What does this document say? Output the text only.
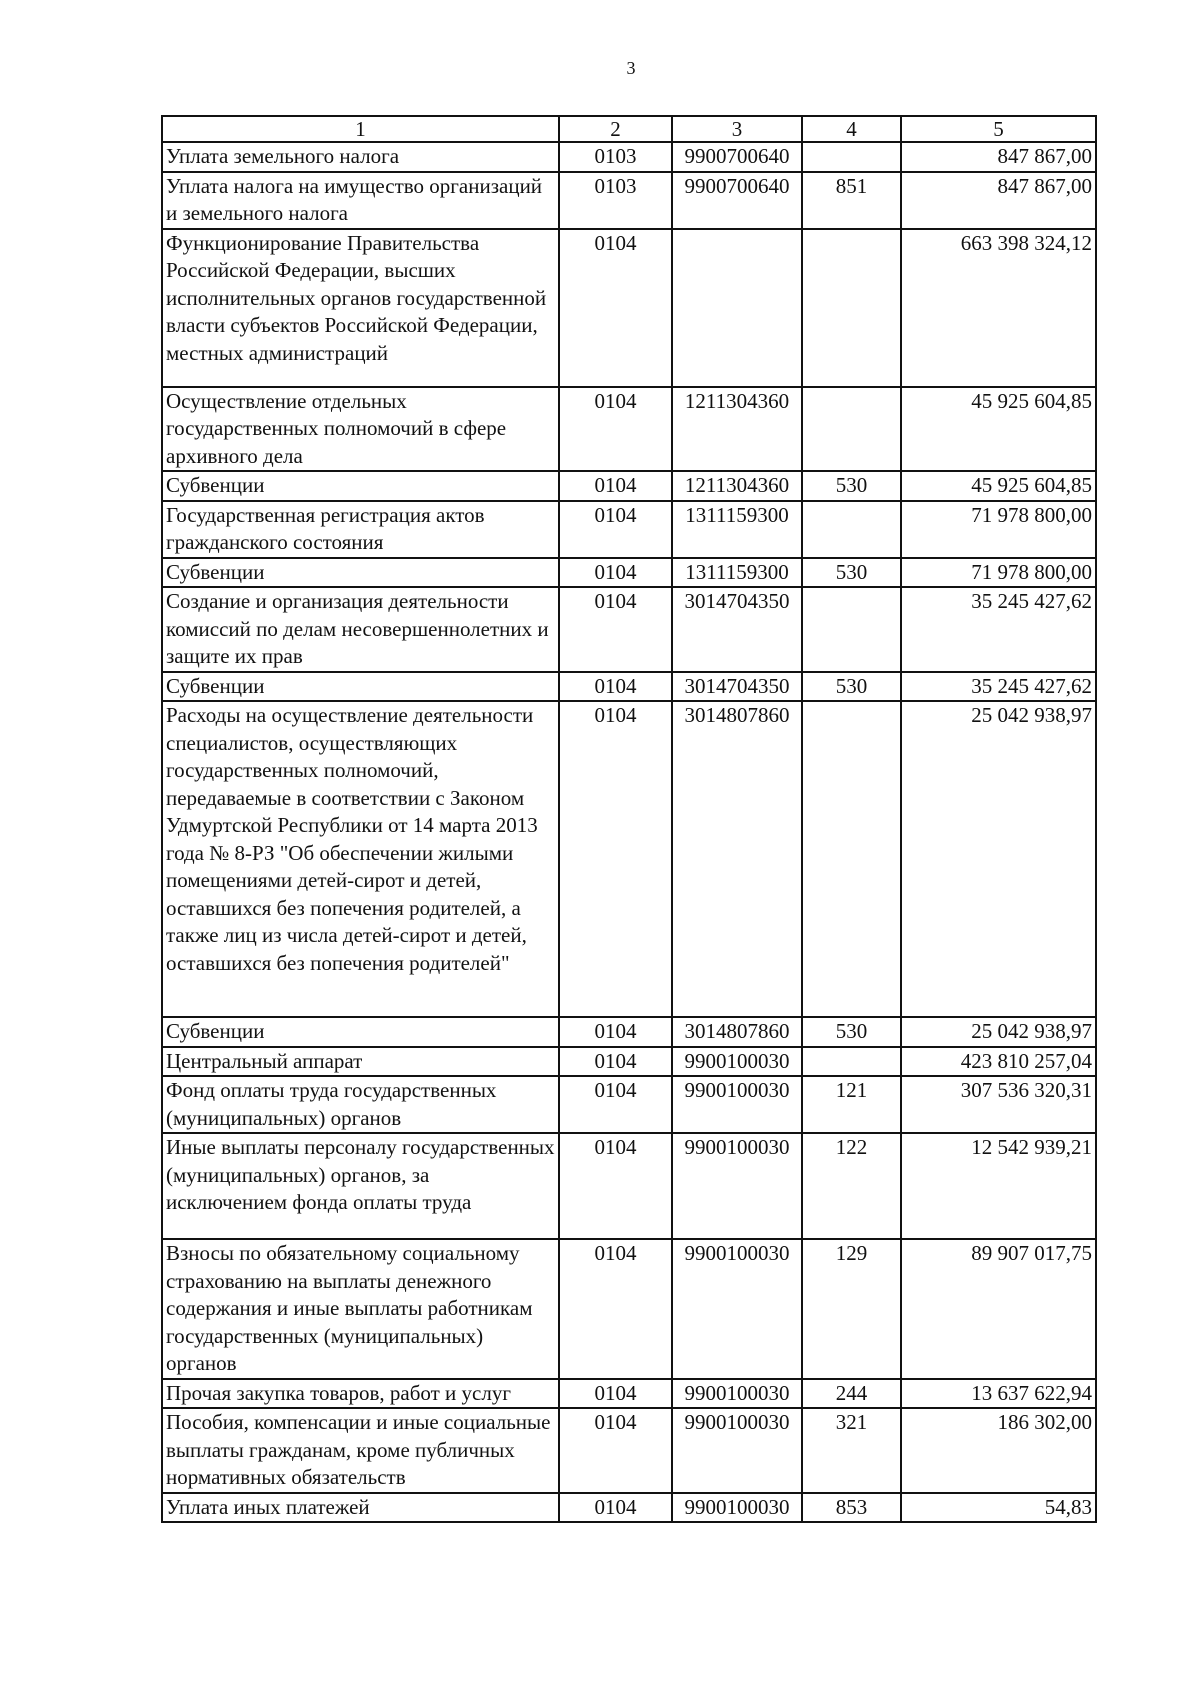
3
1	2	3	4	5
Уплата земельного налога	0103	9900700640		847 867,00
Уплата налога на имущество организаций и земельного налога	0103	9900700640	851	847 867,00
Функционирование Правительства Российской Федерации, высших исполнительных органов государственной власти субъектов Российской Федерации, местных администраций	0104			663 398 324,12
Осуществление отдельных государственных полномочий в сфере архивного дела	0104	1211304360		45 925 604,85
Субвенции	0104	1211304360	530	45 925 604,85
Государственная регистрация актов гражданского состояния	0104	1311159300		71 978 800,00
Субвенции	0104	1311159300	530	71 978 800,00
Создание и организация деятельности комиссий по делам несовершеннолетних и защите их прав	0104	3014704350		35 245 427,62
Субвенции	0104	3014704350	530	35 245 427,62
Расходы на осуществление деятельности специалистов, осуществляющих государственных полномочий, передаваемые в соответствии с Законом Удмуртской Республики от 14 марта 2013 года № 8-РЗ "Об обеспечении жилыми помещениями детей-сирот и детей, оставшихся без попечения родителей, а также лиц из числа детей-сирот и детей, оставшихся без попечения родителей"	0104	3014807860		25 042 938,97
Субвенции	0104	3014807860	530	25 042 938,97
Центральный аппарат	0104	9900100030		423 810 257,04
Фонд оплаты труда государственных (муниципальных) органов	0104	9900100030	121	307 536 320,31
Иные выплаты персоналу государственных (муниципальных) органов, за исключением фонда оплаты труда	0104	9900100030	122	12 542 939,21
Взносы по обязательному социальному страхованию на выплаты денежного содержания и иные выплаты работникам государственных (муниципальных) органов	0104	9900100030	129	89 907 017,75
Прочая закупка товаров, работ и услуг	0104	9900100030	244	13 637 622,94
Пособия, компенсации и иные социальные выплаты гражданам, кроме публичных нормативных обязательств	0104	9900100030	321	186 302,00
Уплата иных платежей	0104	9900100030	853	54,83
